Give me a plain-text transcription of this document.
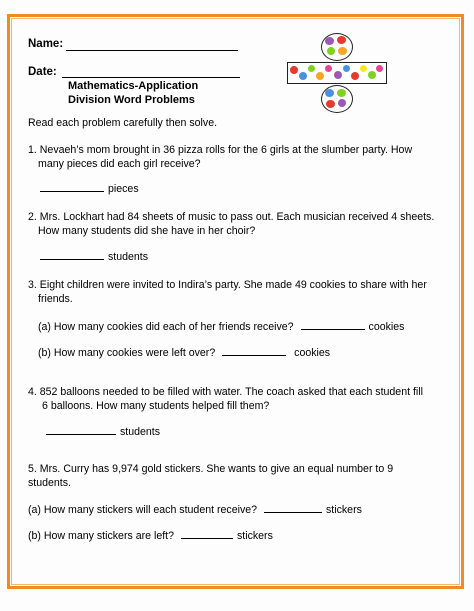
Name:
Date:
Mathematics-Application
Division Word Problems
Read each problem carefully then solve.
1. Nevaeh’s mom brought in 36 pizza rolls for the 6 girls at the slumber party. How
many pieces did each girl receive?
pieces
2. Mrs. Lockhart had 84 sheets of music to pass out. Each musician received 4 sheets.
How many students did she have in her choir?
students
3. Eight children were invited to Indira’s party. She made 49 cookies to share with her
friends.
(a) How many cookies did each of her friends receive?	cookies
(b) How many cookies were left over?	cookies
4. 852 balloons needed to be filled with water. The coach asked that each student fill
6 balloons. How many students helped fill them?
students
5. Mrs. Curry has 9,974 gold stickers. She wants to give an equal number to 9
students.
(a) How many stickers will each student receive?	stickers
(b) How many stickers are left?	stickers
